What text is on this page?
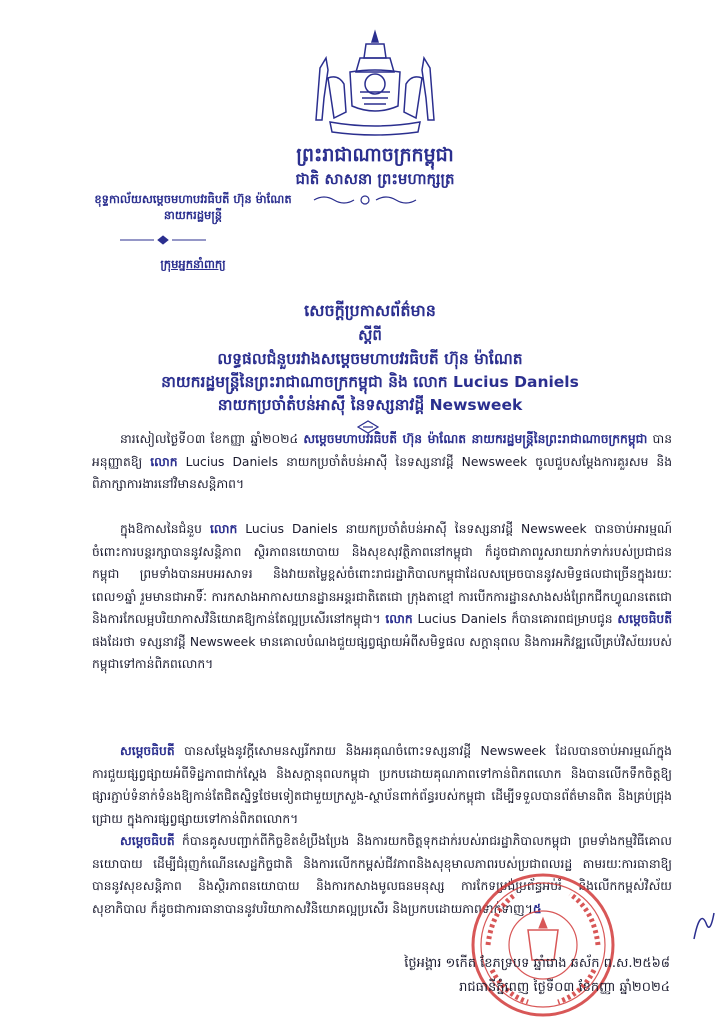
ព្រះរាជាណាចក្រកម្ពុជា
ជាតិ សាសនា ព្រះមហាក្សត្រ
ខុទ្ទកាល័យសម្តេចមហាបវរធិបតី ហ៊ុន ម៉ាណែត
នាយករដ្ឋមន្ត្រី
ក្រុមអ្នកនាំពាក្យ
សេចក្តីប្រកាសព័ត៌មាន
ស្តីពី
លទ្ធផលជំនួបរវាងសម្តេចមហាបវរធិបតី ហ៊ុន ម៉ាណែត
នាយករដ្ឋមន្ត្រីនៃព្រះរាជាណាចក្រកម្ពុជា និង លោក Lucius Daniels
នាយកប្រចាំតំបន់អាស៊ី នៃទស្សនាវដ្តី Newsweek

នារសៀលថ្ងៃទី០៣ ខែកញ្ញា ឆ្នាំ២០២៤ សម្តេចមហាបវរធិបតី ហ៊ុន ម៉ាណែត នាយករដ្ឋមន្ត្រីនៃព្រះរាជាណាចក្រកម្ពុជា បានអនុញ្ញាតឱ្យ លោក Lucius Daniels នាយកប្រចាំតំបន់អាស៊ី នៃទស្សនាវដ្តី Newsweek ចូលជួបសម្តែងការគួរសម និងពិភាក្សាការងារនៅវិមានសន្តិភាព។

ក្នុងឱកាសនៃជំនួប លោក Lucius Daniels នាយកប្រចាំតំបន់អាស៊ី នៃទស្សនាវដ្តី Newsweek បានចាប់អារម្មណ៍ចំពោះការបន្តរក្សាបាននូវសន្តិភាព ស្ថិរភាពនយោបាយ និងសុខសុវត្ថិភាពនៅកម្ពុជា ក៏ដូចជាភាពរួសរាយរាក់ទាក់របស់ប្រជាជនកម្ពុជា ព្រមទាំងបានអបអរសាទរ និងវាយតម្លៃខ្ពស់ចំពោះរាជរដ្ឋាភិបាលកម្ពុជាដែលសម្រេចបាននូវសមិទ្ធផលជាច្រើនក្នុងរយៈពេល១ឆ្នាំ រួមមានជាអាទិ៍ៈ ការកសាងអាកាសយានដ្ឋានអន្តរជាតិតេជោ ក្រុងតាខ្មៅ ការបើកការដ្ឋានសាងសង់ព្រែកជីកហ្វូណនតេជោ និងការកែលម្អបរិយាកាសវិនិយោគឱ្យកាន់តែល្អប្រសើរនៅកម្ពុជា។ លោក Lucius Daniels ក៏បានគោរពជម្រាបជូន សម្តេចធិបតី ផងដែរថា ទស្សនាវដ្តី Newsweek មានគោលបំណងជួយផ្សព្វផ្សាយអំពីសមិទ្ធផល សក្តានុពល និងការអភិវឌ្ឍលើគ្រប់វិស័យរបស់កម្ពុជាទៅកាន់ពិភពលោក។

សម្តេចធិបតី បានសម្តែងនូវក្តីសោមនស្សរីករាយ និងអរគុណចំពោះទស្សនាវដ្តី Newsweek ដែលបានចាប់អារម្មណ៍ក្នុងការជួយផ្សព្វផ្សាយអំពីទិដ្ឋភាពជាក់ស្តែង និងសក្តានុពលកម្ពុជា ប្រកបដោយគុណភាពទៅកាន់ពិភពលោក និងបានលើកទឹកចិត្តឱ្យផ្សារភ្ជាប់ទំនាក់ទំនងឱ្យកាន់តែជិតស្និទ្ធថែមទៀតជាមួយក្រសួង-ស្ថាប័នពាក់ព័ន្ធរបស់កម្ពុជា ដើម្បីទទួលបានព័ត៌មានពិត និងគ្រប់ជ្រុងជ្រោយ ក្នុងការផ្សព្វផ្សាយទៅកាន់ពិភពលោក។

សម្តេចធិបតី ក៏បានគូសបញ្ជាក់ពីកិច្ចខិតខំប្រឹងប្រែង និងការយកចិត្តទុកដាក់របស់រាជរដ្ឋាភិបាលកម្ពុជា ព្រមទាំងកម្មវិធីគោលនយោបាយ ដើម្បីជំរុញកំណើនសេដ្ឋកិច្ចជាតិ និងការលើកកម្ពស់ជីវភាពនិងសុខុមាលភាពរបស់ប្រជាពលរដ្ឋ តាមរយៈការធានាឱ្យបាននូវសុខសន្តិភាព និងស្ថិរភាពនយោបាយ និងការកសាងមូលធនមនុស្ស ការកែទម្រង់ប្រព័ន្ធអប់រំ និងលើកកម្ពស់វិស័យសុខាភិបាល ក៏ដូចជាការធានាបាននូវបរិយាកាសវិនិយោគល្អប្រសើរ និងប្រកបដោយភាពទាក់ទាញ។៥

ថ្ងៃអង្គារ ១កើត ខែភទ្របទ ឆ្នាំរោង ឆស័ក ព.ស.២៥៦៨
រាជធានីភ្នំពេញ ថ្ងៃទី០៣ ខែកញ្ញា ឆ្នាំ២០២៤
